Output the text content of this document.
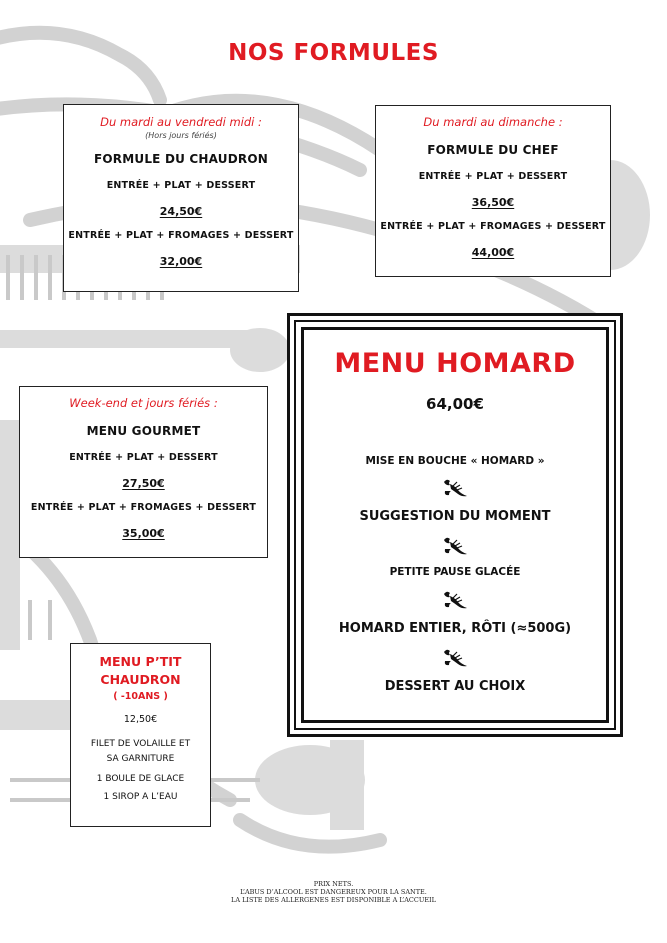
NOS FORMULES
Du mardi au vendredi midi :
(Hors jours fériés)
FORMULE DU CHAUDRON
ENTRÉE + PLAT + DESSERT
24,50€
ENTRÉE + PLAT + FROMAGES + DESSERT
32,00€
Du mardi au dimanche :
FORMULE DU CHEF
ENTRÉE + PLAT + DESSERT
36,50€
ENTRÉE + PLAT + FROMAGES + DESSERT
44,00€
Week-end et jours fériés :
MENU GOURMET
ENTRÉE + PLAT + DESSERT
27,50€
ENTRÉE + PLAT + FROMAGES + DESSERT
35,00€
MENU P’TIT
CHAUDRON
( -10ANS )
12,50€
FILET DE VOLAILLE ET
SA GARNITURE
1 BOULE DE GLACE
1 SIROP A L’EAU
MENU HOMARD
64,00€
MISE EN BOUCHE « HOMARD »
SUGGESTION DU MOMENT
PETITE PAUSE GLACÉE
HOMARD ENTIER, RÔTI (≈500G)
DESSERT AU CHOIX
PRIX NETS.
L’ABUS D’ALCOOL EST DANGEREUX POUR LA SANTE.
LA LISTE DES ALLERGENES EST DISPONIBLE A L’ACCUEIL
